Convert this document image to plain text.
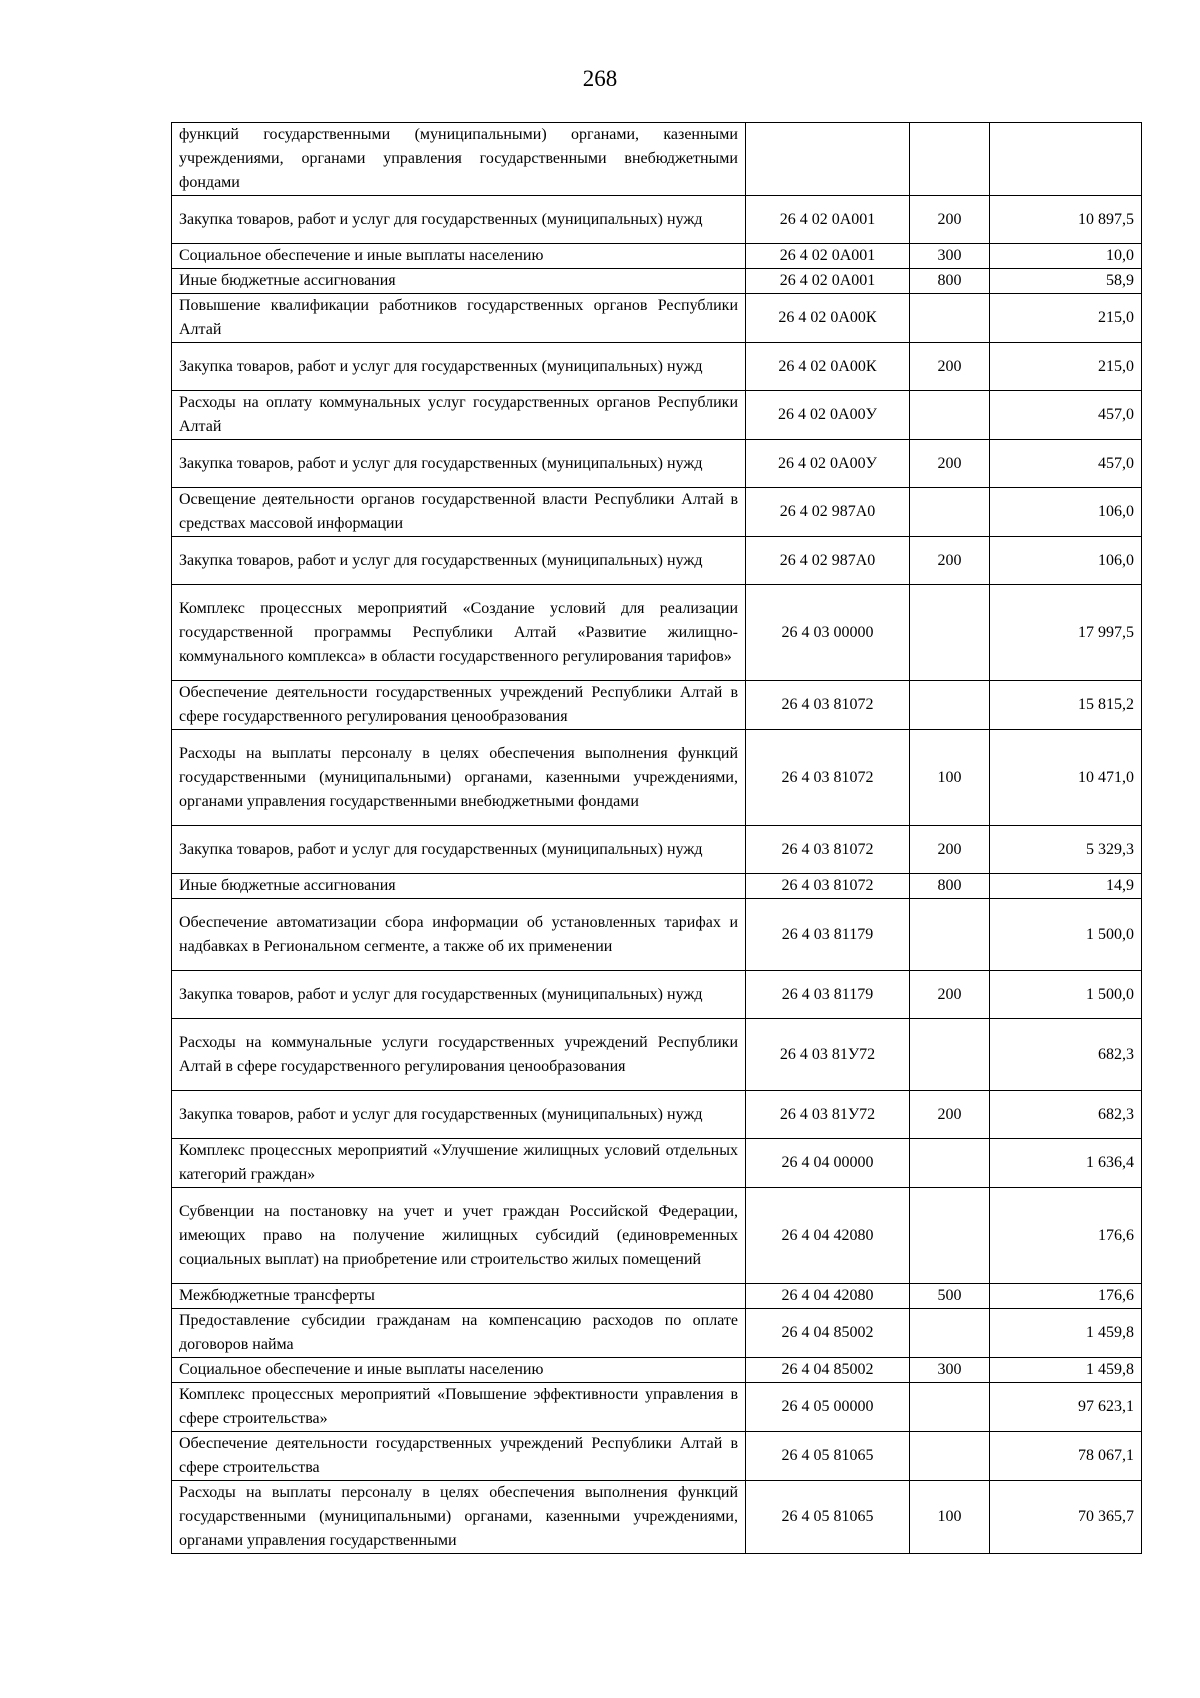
268
функций государственными (муниципальными) органами, казенными учреждениями, органами управления государственными внебюджетными фондами			
Закупка товаров, работ и услуг для государственных (муниципальных) нужд	26 4 02 0А001	200	10 897,5
Социальное обеспечение и иные выплаты населению	26 4 02 0А001	300	10,0
Иные бюджетные ассигнования	26 4 02 0А001	800	58,9
Повышение квалификации работников государственных органов Республики Алтай	26 4 02 0А00К		215,0
Закупка товаров, работ и услуг для государственных (муниципальных) нужд	26 4 02 0А00К	200	215,0
Расходы на оплату коммунальных услуг государственных органов Республики Алтай	26 4 02 0А00У		457,0
Закупка товаров, работ и услуг для государственных (муниципальных) нужд	26 4 02 0А00У	200	457,0
Освещение деятельности органов государственной власти Республики Алтай в средствах массовой информации	26 4 02 987А0		106,0
Закупка товаров, работ и услуг для государственных (муниципальных) нужд	26 4 02 987А0	200	106,0
Комплекс процессных мероприятий «Создание условий для реализации государственной программы Республики Алтай «Развитие жилищно-коммунального комплекса» в области государственного регулирования тарифов»	26 4 03 00000		17 997,5
Обеспечение деятельности государственных учреждений Республики Алтай в сфере государственного регулирования ценообразования	26 4 03 81072		15 815,2
Расходы на выплаты персоналу в целях обеспечения выполнения функций государственными (муниципальными) органами, казенными учреждениями, органами управления государственными внебюджетными фондами	26 4 03 81072	100	10 471,0
Закупка товаров, работ и услуг для государственных (муниципальных) нужд	26 4 03 81072	200	5 329,3
Иные бюджетные ассигнования	26 4 03 81072	800	14,9
Обеспечение автоматизации сбора информации об установленных тарифах и надбавках в Региональном сегменте, а также об их применении	26 4 03 81179		1 500,0
Закупка товаров, работ и услуг для государственных (муниципальных) нужд	26 4 03 81179	200	1 500,0
Расходы на коммунальные услуги государственных учреждений Республики Алтай в сфере государственного регулирования ценообразования	26 4 03 81У72		682,3
Закупка товаров, работ и услуг для государственных (муниципальных) нужд	26 4 03 81У72	200	682,3
Комплекс процессных мероприятий «Улучшение жилищных условий отдельных категорий граждан»	26 4 04 00000		1 636,4
Субвенции на постановку на учет и учет граждан Российской Федерации, имеющих право на получение жилищных субсидий (единовременных социальных выплат) на приобретение или строительство жилых помещений	26 4 04 42080		176,6
Межбюджетные трансферты	26 4 04 42080	500	176,6
Предоставление субсидии гражданам на компенсацию расходов по оплате договоров найма	26 4 04 85002		1 459,8
Социальное обеспечение и иные выплаты населению	26 4 04 85002	300	1 459,8
Комплекс процессных мероприятий «Повышение эффективности управления в сфере строительства»	26 4 05 00000		97 623,1
Обеспечение деятельности государственных учреждений Республики Алтай в сфере строительства	26 4 05 81065		78 067,1
Расходы на выплаты персоналу в целях обеспечения выполнения функций государственными (муниципальными) органами, казенными учреждениями, органами управления государственными	26 4 05 81065	100	70 365,7
